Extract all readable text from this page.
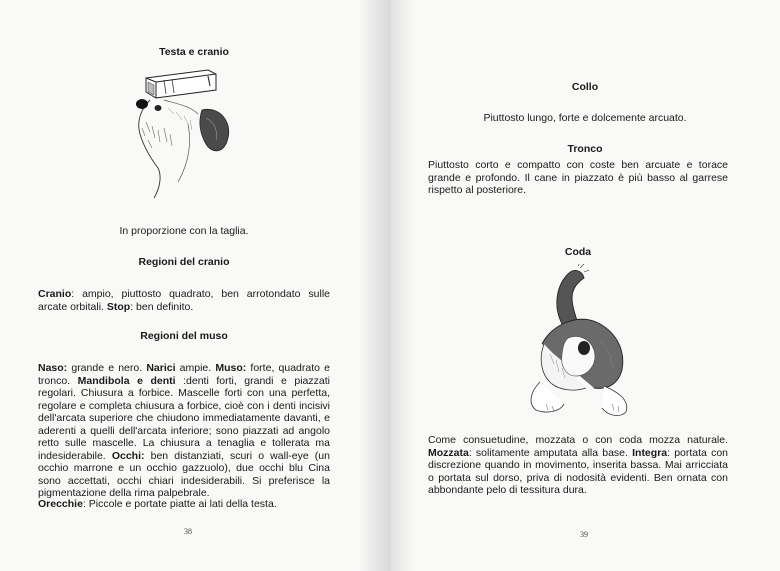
Testa e cranio
In proporzione con la taglia.
Regioni del cranio
Cranio: ampio, piuttosto quadrato, ben arrotondato sulle arcate orbitali. Stop: ben definito.
Regioni del muso
Naso: grande e nero. Narici ampie. Muso: forte, quadrato e tronco. Mandibola e denti :denti forti, grandi e piazzati regolari. Chiusura a forbice. Mascelle forti con una perfetta, regolare e completa chiusura a forbice, cioè con i denti incisivi dell'arcata superiore che chiudono immediatamente davanti, e aderenti a quelli dell'arcata inferiore; sono piazzati ad angolo retto sulle mascelle. La chiusura a tenaglia e tollerata ma indesiderabile. Occhi: ben distanziati, scuri o wall-eye (un occhio marrone e un occhio gazzuolo), due occhi blu Cina sono accettati, occhi chiari indesiderabili. Si preferisce la pigmentazione della rima palpebrale.
Orecchie: Piccole e portate piatte ai lati della testa.
38
Collo
Piuttosto lungo, forte e dolcemente arcuato.
Tronco
Piuttosto corto e compatto con coste ben arcuate e torace grande e profondo. Il cane in piazzato è più basso al garrese rispetto al posteriore.
Coda
Come consuetudine, mozzata o con coda mozza naturale. Mozzata: solitamente amputata alla base. Integra: portata con discrezione quando in movimento, inserita bassa. Mai arricciata o portata sul dorso, priva di nodosità evidenti. Ben ornata con abbondante pelo di tessitura dura.
39
